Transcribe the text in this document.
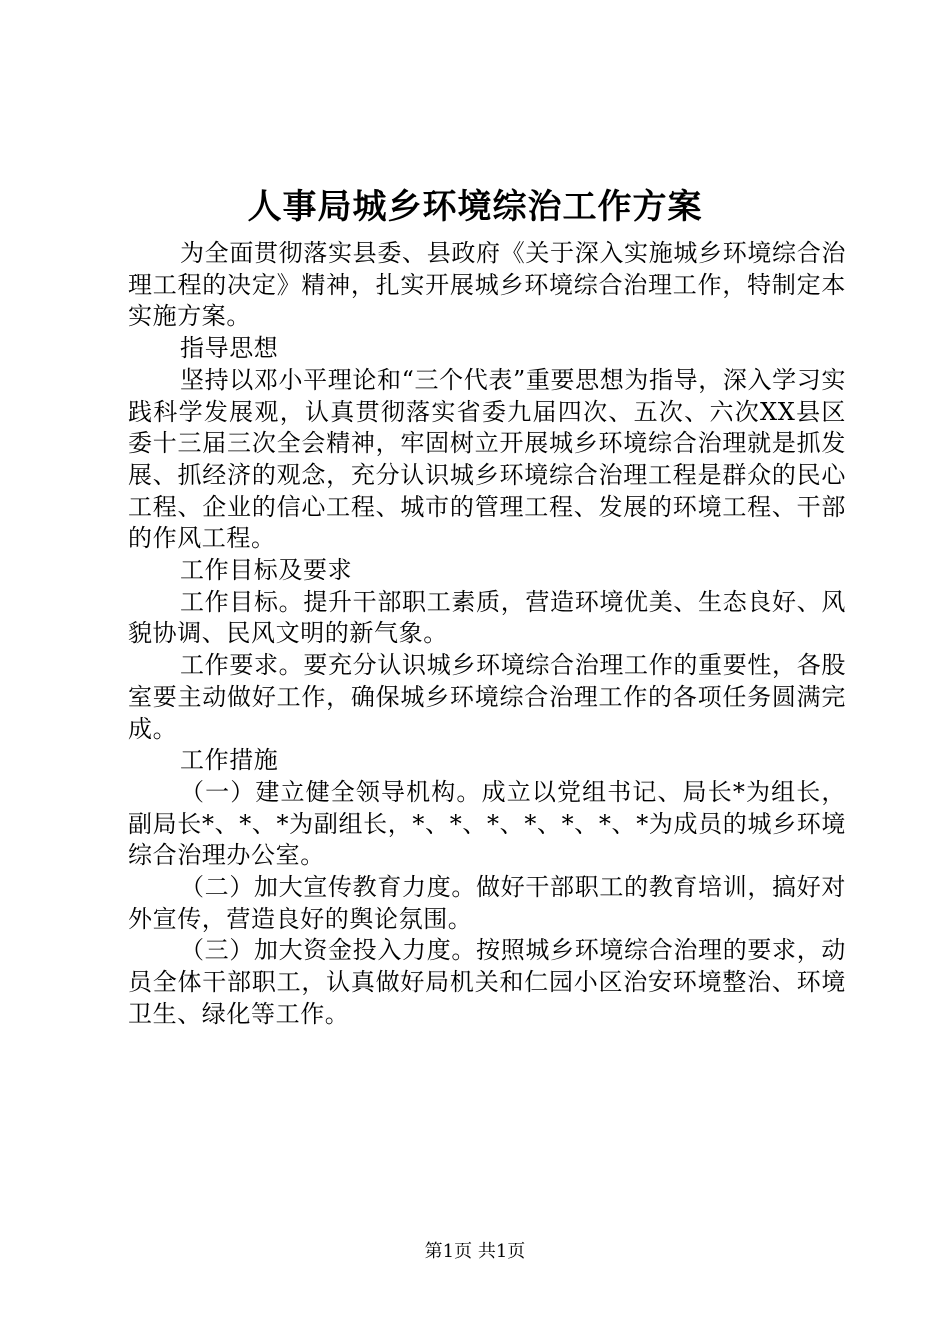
人事局城乡环境综治工作方案

为全面贯彻落实县委、县政府《关于深入实施城乡环境综合治理工程的决定》精神，扎实开展城乡环境综合治理工作，特制定本实施方案。

指导思想

坚持以邓小平理论和“三个代表”重要思想为指导，深入学习实践科学发展观，认真贯彻落实省委九届四次、五次、六次XX县区委十三届三次全会精神，牢固树立开展城乡环境综合治理就是抓发展、抓经济的观念，充分认识城乡环境综合治理工程是群众的民心工程、企业的信心工程、城市的管理工程、发展的环境工程、干部的作风工程。

工作目标及要求

工作目标。提升干部职工素质，营造环境优美、生态良好、风貌协调、民风文明的新气象。

工作要求。要充分认识城乡环境综合治理工作的重要性，各股室要主动做好工作，确保城乡环境综合治理工作的各项任务圆满完成。

工作措施

（一）建立健全领导机构。成立以党组书记、局长*为组长，副局长*、*、*为副组长，*、*、*、*、*、*、*为成员的城乡环境综合治理办公室。

（二）加大宣传教育力度。做好干部职工的教育培训，搞好对外宣传，营造良好的舆论氛围。

（三）加大资金投入力度。按照城乡环境综合治理的要求，动员全体干部职工，认真做好局机关和仁园小区治安环境整治、环境卫生、绿化等工作。

第1页 共1页
